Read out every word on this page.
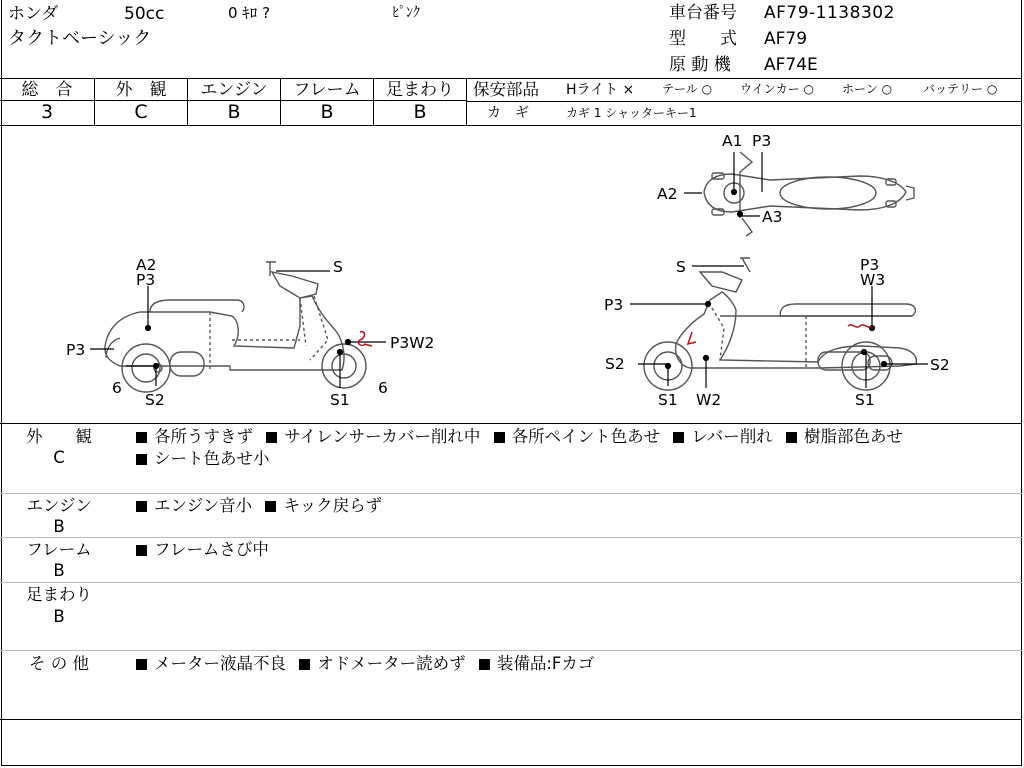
ホンダ	50cc	0 ｷﾛ ?	ﾋﾟﾝｸ
タクトベーシック
車台番号 AF79-1138302
型　　式 AF79
原 動 機 AF74E
総　合	外　観	エンジン	フレーム	足まわり
3	C	B	B	B
保安部品 Hライト × テール ○ ウインカー ○ ホーン ○	バッテリー ○
カ　ギ	カギ 1 シャッターキー1
A2
P3
S
P3	P3W2
6	6
S2	S1
A1 P3
A2
A3
S	P3
W3
P3
S2	S2
S1 W2	S1
外　　観
C
各所うすきず サイレンサーカバー削れ中 各所ペイント色あせ レバー削れ 樹脂部色あせ
シート色あせ小
エンジン
B
エンジン音小 キック戻らず
フレーム
B
フレームさび中
足まわり
B
そ の 他	メーター液晶不良 オドメーター読めず 装備品:Fカゴ
